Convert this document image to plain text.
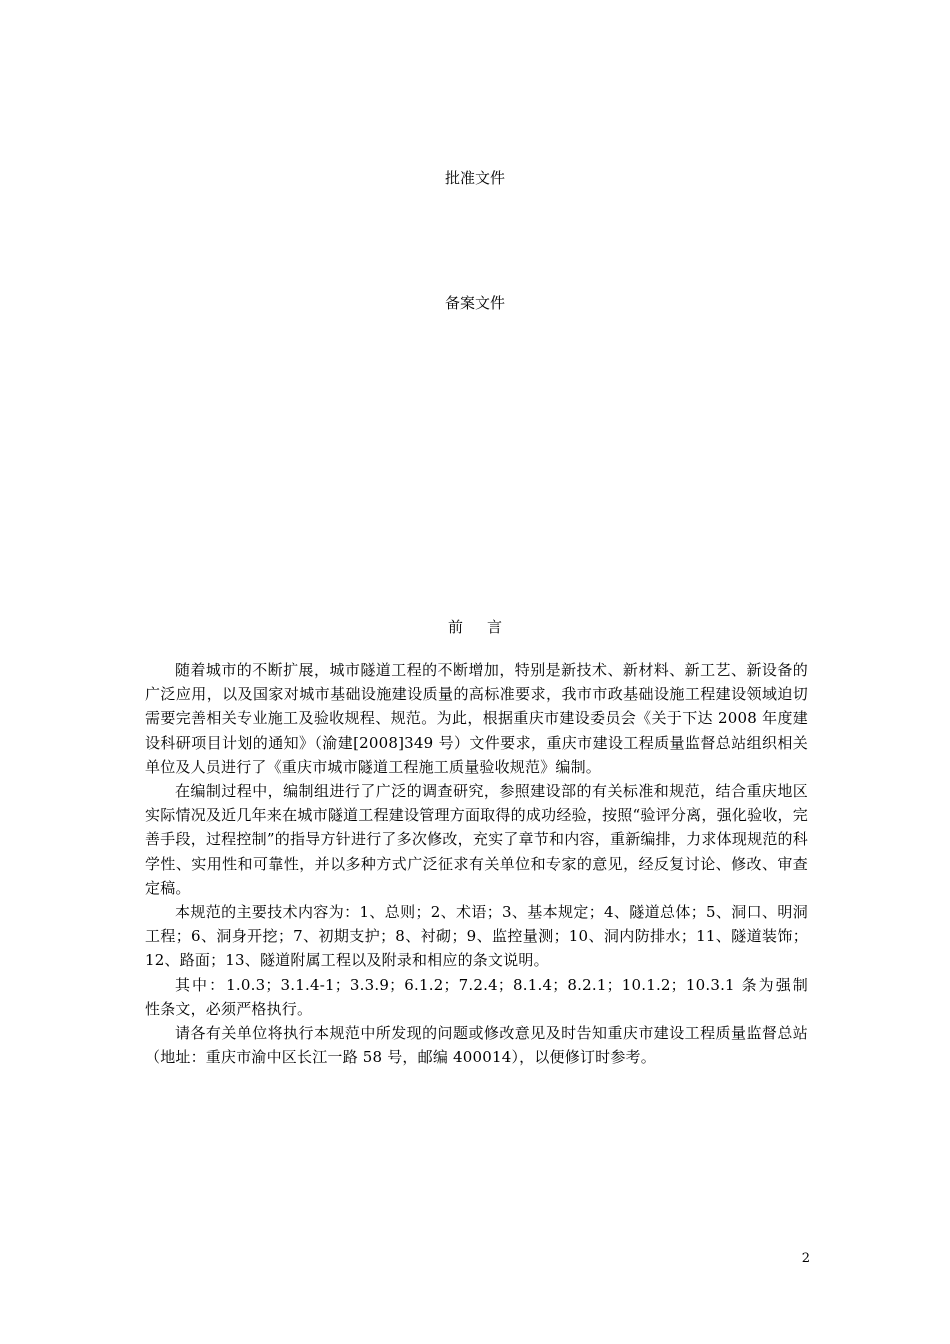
批准文件
备案文件
前 言

随着城市的不断扩展，城市隧道工程的不断增加，特别是新技术、新材料、新工艺、新设备的广泛应用，以及国家对城市基础设施建设质量的高标准要求，我市市政基础设施工程建设领域迫切需要完善相关专业施工及验收规程、规范。为此，根据重庆市建设委员会《关于下达 2008 年度建设科研项目计划的通知》（渝建[2008]349 号）文件要求，重庆市建设工程质量监督总站组织相关单位及人员进行了《重庆市城市隧道工程施工质量验收规范》编制。

在编制过程中，编制组进行了广泛的调查研究，参照建设部的有关标准和规范，结合重庆地区实际情况及近几年来在城市隧道工程建设管理方面取得的成功经验，按照“验评分离，强化验收，完善手段，过程控制”的指导方针进行了多次修改，充实了章节和内容，重新编排，力求体现规范的科学性、实用性和可靠性，并以多种方式广泛征求有关单位和专家的意见，经反复讨论、修改、审查定稿。

本规范的主要技术内容为：1、总则；2、术语；3、基本规定；4、隧道总体；5、洞口、明洞工程；6、洞身开挖；7、初期支护；8、衬砌；9、监控量测；10、洞内防排水；11、隧道装饰；12、路面；13、隧道附属工程以及附录和相应的条文说明。

其中：1.0.3；3.1.4-1；3.3.9；6.1.2；7.2.4；8.1.4；8.2.1；10.1.2；10.3.1 条为强制性条文，必须严格执行。

请各有关单位将执行本规范中所发现的问题或修改意见及时告知重庆市建设工程质量监督总站（地址：重庆市渝中区长江一路 58 号，邮编 400014），以便修订时参考。

2
